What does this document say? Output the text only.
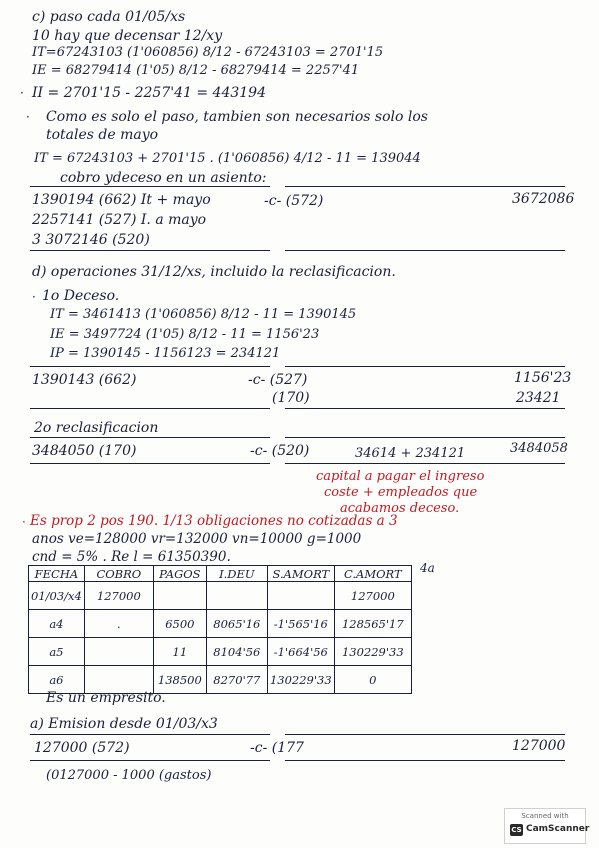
c) paso cada 01/05/xs
10 hay que decensar 12/xy
IT=67243103 (1'060856) 8/12 - 67243103 = 2701'15
IE = 68279414 (1'05) 8/12 - 68279414 = 2257'41
· II = 2701'15 - 2257'41 = 443194
· Como es solo el paso, tambien son necesarios solo los
totales de mayo
IT = 67243103 + 2701'15 . (1'060856) 4/12 - 11 = 139044
cobro ydeceso en un asiento:
1390194 (662) It + mayo	-c- (572)	3672086
2257141 (527) I. a mayo
3 3072146 (520)
d) operaciones 31/12/xs, incluido la reclasificacion.
· 1o Deceso.
IT = 3461413 (1'060856) 8/12 - 11 = 1390145
IE = 3497724 (1'05) 8/12 - 11 = 1156'23
IP = 1390145 - 1156123 = 234121
1390143 (662)	-c- (527)	1156'23
(170)	23421
2o reclasificacion
3484050 (170)	-c- (520)	34614 + 234121	3484058
capital a pagar el ingreso
coste + empleados que
acabamos deceso.
· Es prop 2 pos 190. 1/13 obligaciones no cotizadas a 3
anos ve=128000 vr=132000 vn=10000 g=1000
cnd = 5% . Re l = 61350390.
4a
FECHA	COBRO	PAGOS	I.DEU	S.AMORT	C.AMORT
01/03/x4	127000				127000
a4	.	6500	8065'16	-1'565'16	128565'17
a5		11	8104'56	-1'664'56	130229'33
a6		138500	8270'77	130229'33	0
Es un empresito.
a) Emision desde 01/03/x3
127000 (572)	-c- (177	127000
(0127000 - 1000 (gastos)
Scanned with
CS CamScanner
